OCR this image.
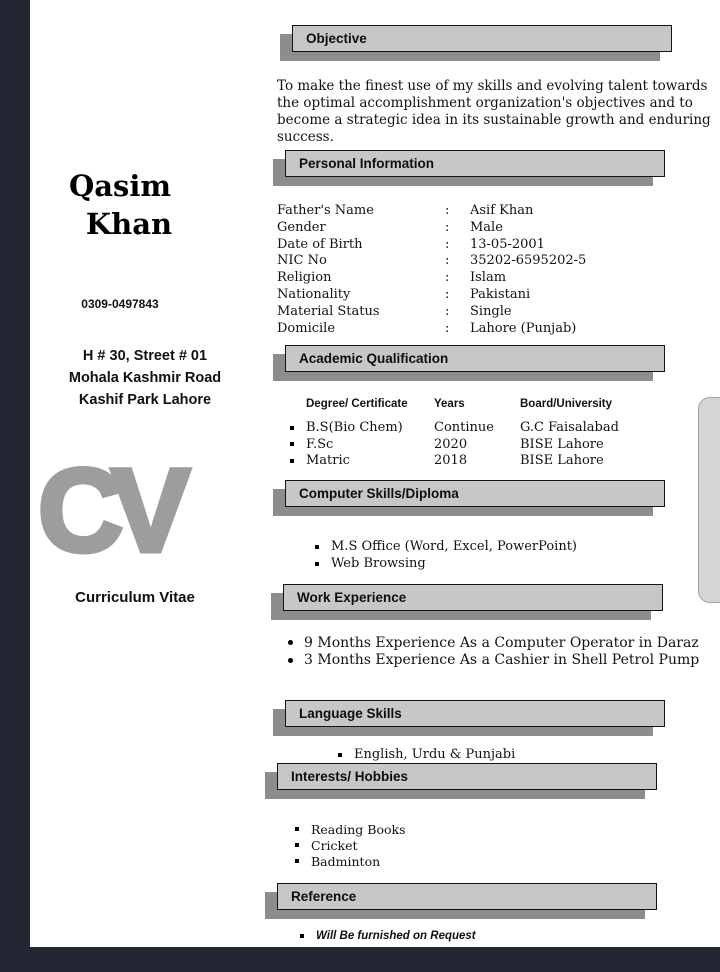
Qasim
Khan
0309-0497843
H # 30, Street # 01
Mohala Kashmir Road
Kashif Park Lahore
CV
Curriculum Vitae
Objective
To make the finest use of my skills and evolving talent towards the optimal accomplishment organization's objectives and to become a strategic idea in its sustainable growth and enduring success.
Personal Information
Father's Name	:	Asif Khan
Gender	:	Male
Date of Birth	:	13-05-2001
NIC No	:	35202-6595202-5
Religion	:	Islam
Nationality	:	Pakistani
Material Status	:	Single
Domicile	:	Lahore (Punjab)
Academic Qualification
Degree/ Certificate	Years	Board/University
B.S(Bio Chem)	Continue	G.C Faisalabad
F.Sc	2020	BISE Lahore
Matric	2018	BISE Lahore
Computer Skills/Diploma
M.S Office (Word, Excel, PowerPoint)
Web Browsing
Work Experience
9 Months Experience As a Computer Operator in Daraz
3 Months Experience As a Cashier in Shell Petrol Pump
Language Skills
English, Urdu & Punjabi
Interests/ Hobbies
Reading Books
Cricket
Badminton
Reference
Will Be furnished on Request
